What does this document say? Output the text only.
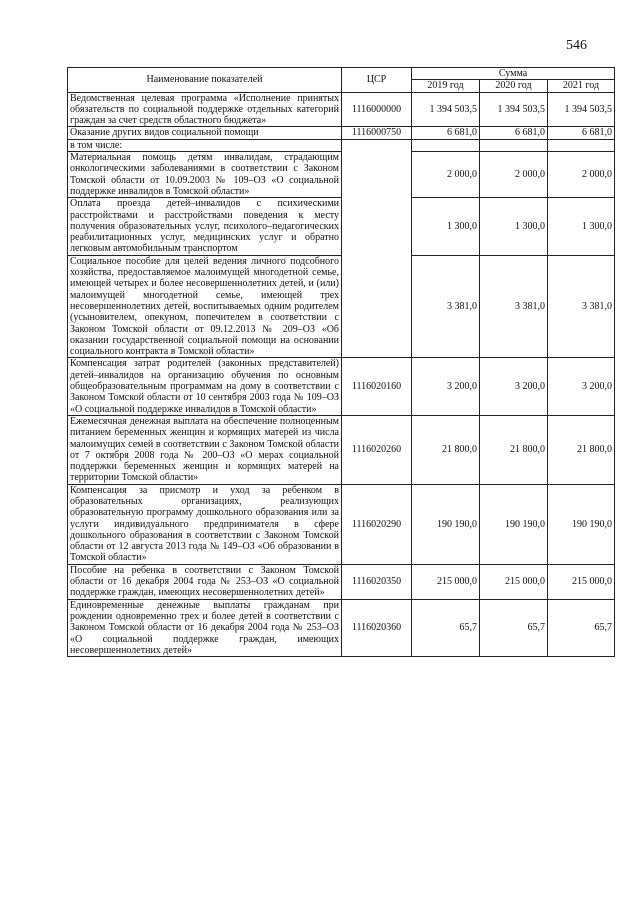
546
Наименование показателей	ЦСР	Сумма		
		2019 год	2020 год	2021 год
Ведомственная целевая программа «Исполнение принятых обязательств по социальной поддержке отдельных категорий граждан за счет средств областного бюджета»	1116000000	1 394 503,5	1 394 503,5	1 394 503,5
Оказание других видов социальной помощи	1116000750	6 681,0	6 681,0	6 681,0
в том числе:				
Материальная помощь детям инвалидам, страдающим онкологическими заболеваниями в соответствии с Законом Томской области от 10.09.2003 № 109–ОЗ «О социальной поддержке инвалидов в Томской области»		2 000,0	2 000,0	2 000,0
Оплата проезда детей–инвалидов с психическими расстройствами и расстройствами поведения к месту получения образовательных услуг, психолого–педагогических реабилитационных услуг, медицинских услуг и обратно легковым автомобильным транспортом		1 300,0	1 300,0	1 300,0
Социальное пособие для целей ведения личного подсобного хозяйства, предоставляемое малоимущей многодетной семье, имеющей четырех и более несовершеннолетних детей, и (или) малоимущей многодетной семье, имеющей трех несовершеннолетних детей, воспитываемых одним родителем (усыновителем, опекуном, попечителем в соответствии с Законом Томской области от 09.12.2013 № 209–ОЗ «Об оказании государственной социальной помощи на основании социального контракта в Томской области»		3 381,0	3 381,0	3 381,0
Компенсация затрат родителей (законных представителей) детей–инвалидов на организацию обучения по основным общеобразовательным программам на дому в соответствии с Законом Томской области от 10 сентября 2003 года № 109–ОЗ «О социальной поддержке инвалидов в Томской области»	1116020160	3 200,0	3 200,0	3 200,0
Ежемесячная денежная выплата на обеспечение полноценным питанием беременных женщин и кормящих матерей из числа малоимущих семей в соответствии с Законом Томской области от 7 октября 2008 года № 200–ОЗ «О мерах социальной поддержки беременных женщин и кормящих матерей на территории Томской области»	1116020260	21 800,0	21 800,0	21 800,0
Компенсация за присмотр и уход за ребенком в образовательных организациях, реализующих образовательную программу дошкольного образования или за услуги индивидуального предпринимателя в сфере дошкольного образования в соответствии с Законом Томской области от 12 августа 2013 года № 149–ОЗ «Об образовании в Томской области»	1116020290	190 190,0	190 190,0	190 190,0
Пособие на ребенка в соответствии с Законом Томской области от 16 декабря 2004 года № 253–ОЗ «О социальной поддержке граждан, имеющих несовершеннолетних детей»	1116020350	215 000,0	215 000,0	215 000,0
Единовременные денежные выплаты гражданам при рождении одновременно трех и более детей в соответствии с Законом Томской области от 16 декабря 2004 года № 253–ОЗ «О социальной поддержке граждан, имеющих несовершеннолетних детей»	1116020360	65,7	65,7	65,7
